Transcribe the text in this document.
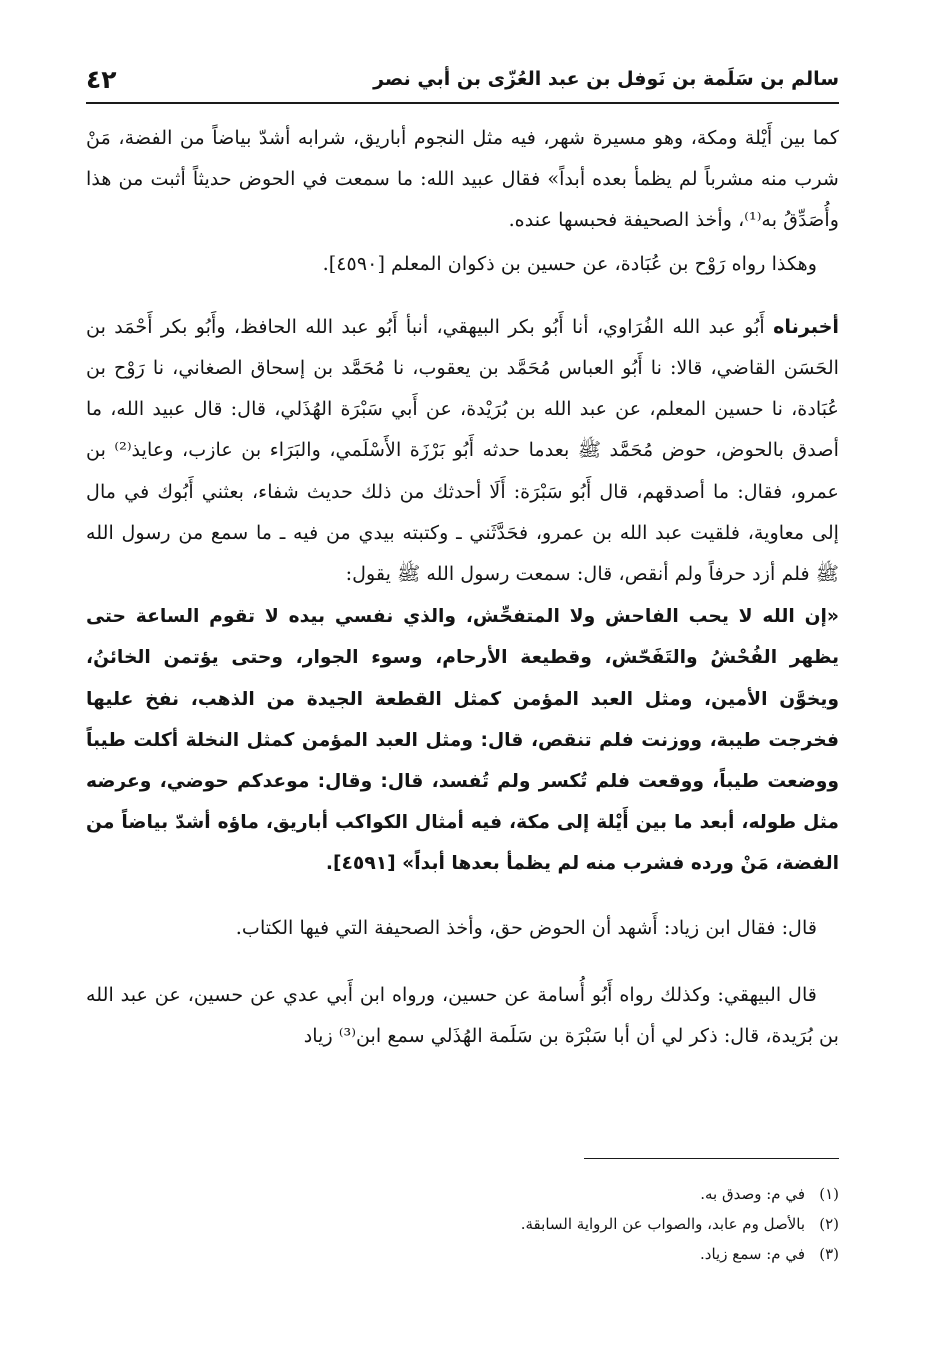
سالم بن سَلَمة بن نَوفل بن عبد العُزّى بن أبي نصر
٤٢

كما بين أَيْلة ومكة، وهو مسيرة شهر، فيه مثل النجوم أباريق، شرابه أشدّ بياضاً من الفضة، مَنْ شرب منه مشرباً لم يظمأ بعده أبداً» فقال عبيد الله: ما سمعت في الحوض حديثاً أثبت من هذا وأُصَدِّقُ به⁽¹⁾، وأخذ الصحيفة فحبسها عنده.

وهكذا رواه رَوْح بن عُبَادة، عن حسين بن ذكوان المعلم [٤٥٩٠].

أخبرناه أَبُو عبد الله الفُرَاوي، أنا أَبُو بكر البيهقي، أنبأ أَبُو عبد الله الحافظ، وأَبُو بكر أَحْمَد بن الحَسَن القاضي، قالا: نا أَبُو العباس مُحَمَّد بن يعقوب، نا مُحَمَّد بن إسحاق الصغاني، نا رَوْح بن عُبَادة، نا حسين المعلم، عن عبد الله بن بُرَيْدة، عن أَبي سَبْرَة الهُذَلي، قال: قال عبيد الله، ما أصدق بالحوض، حوض مُحَمَّد ﷺ بعدما حدثه أَبُو بَرْزَة الأَسْلَمي، والبَرَاء بن عازب، وعايذ⁽²⁾ بن عمرو، فقال: ما أصدقهم، قال أَبُو سَبْرَة: أَلَا أحدثك من ذلك حديث شفاء، بعثني أَبُوك في مال إلى معاوية، فلقيت عبد الله بن عمرو، فحَدَّثَني ـ وكتبته بيدي من فيه ـ ما سمع من رسول الله ﷺ فلم أزد حرفاً ولم أنقص، قال: سمعت رسول الله ﷺ يقول:

«إن الله لا يحب الفاحش ولا المتفحِّش، والذي نفسي بيده لا تقوم الساعة حتى يظهر الفُحْشُ والتَفَحّش، وقطيعة الأرحام، وسوء الجوار، وحتى يؤتمن الخائنُ، ويخوَّن الأمين، ومثل العبد المؤمن كمثل القطعة الجيدة من الذهب، نفخ عليها فخرجت طيبة، ووزنت فلم تنقص، قال: ومثل العبد المؤمن كمثل النخلة أكلت طيباً ووضعت طيباً، ووقعت فلم تُكسر ولم تُفسد، قال: وقال: موعدكم حوضي، وعرضه مثل طوله، أبعد ما بين أَيْلة إلى مكة، فيه أمثال الكواكب أباريق، ماؤه أشدّ بياضاً من الفضة، مَنْ ورده فشرب منه لم يظمأ بعدها أبداً» [٤٥٩١].

قال: فقال ابن زياد: أَشهد أن الحوض حق، وأخذ الصحيفة التي فيها الكتاب.

قال البيهقي: وكذلك رواه أَبُو أُسامة عن حسين، ورواه ابن أَبي عدي عن حسين، عن عبد الله بن بُرَيدة، قال: ذكر لي أن أبا سَبْرَة بن سَلَمة الهُذَلي سمع ابن⁽³⁾ زياد

(١)في م: وصدق به.

(٢)بالأصل وم عابد، والصواب عن الرواية السابقة.

(٣)في م: سمع زياد.
